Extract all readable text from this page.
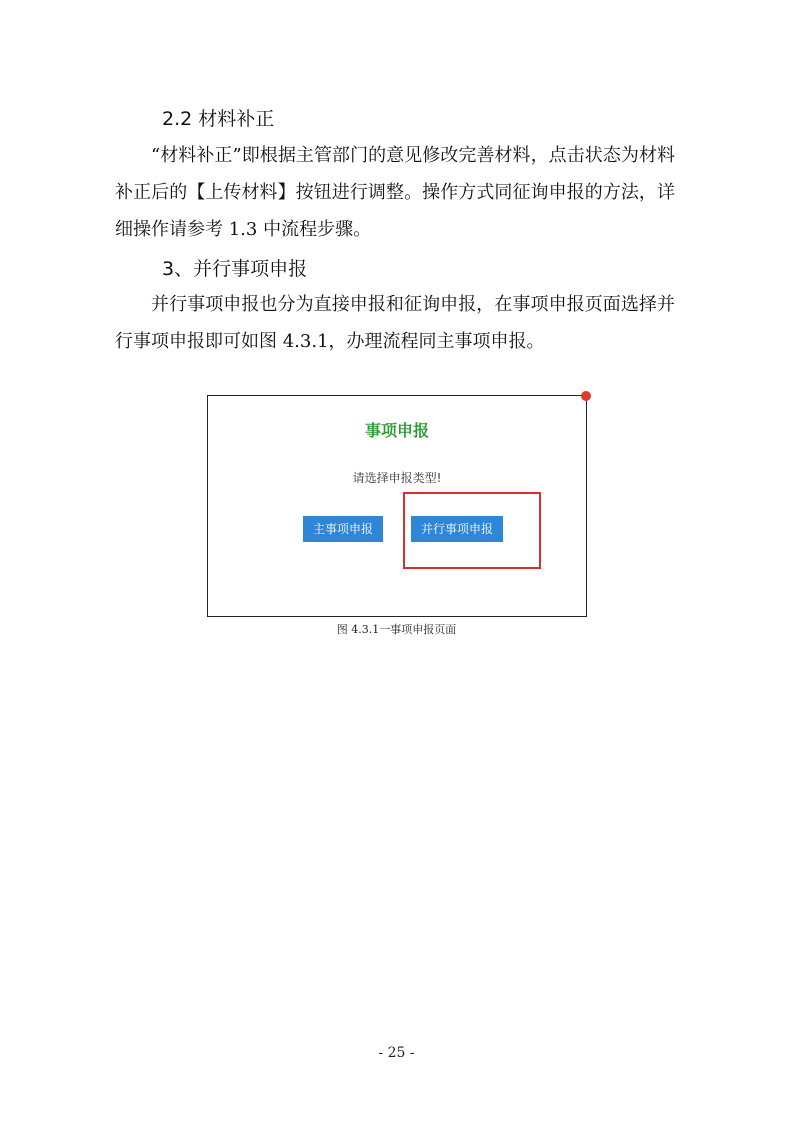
2.2 材料补正

“材料补正”即根据主管部门的意见修改完善材料，点击状态为材料补正后的【上传材料】按钮进行调整。操作方式同征询申报的方法，详细操作请参考 1.3 中流程步骤。

3、并行事项申报

并行事项申报也分为直接申报和征询申报，在事项申报页面选择并行事项申报即可如图 4.3.1，办理流程同主事项申报。

事项申报
请选择申报类型!
主事项申报	并行事项申报
图 4.3.1一事项申报页面
- 25 -
